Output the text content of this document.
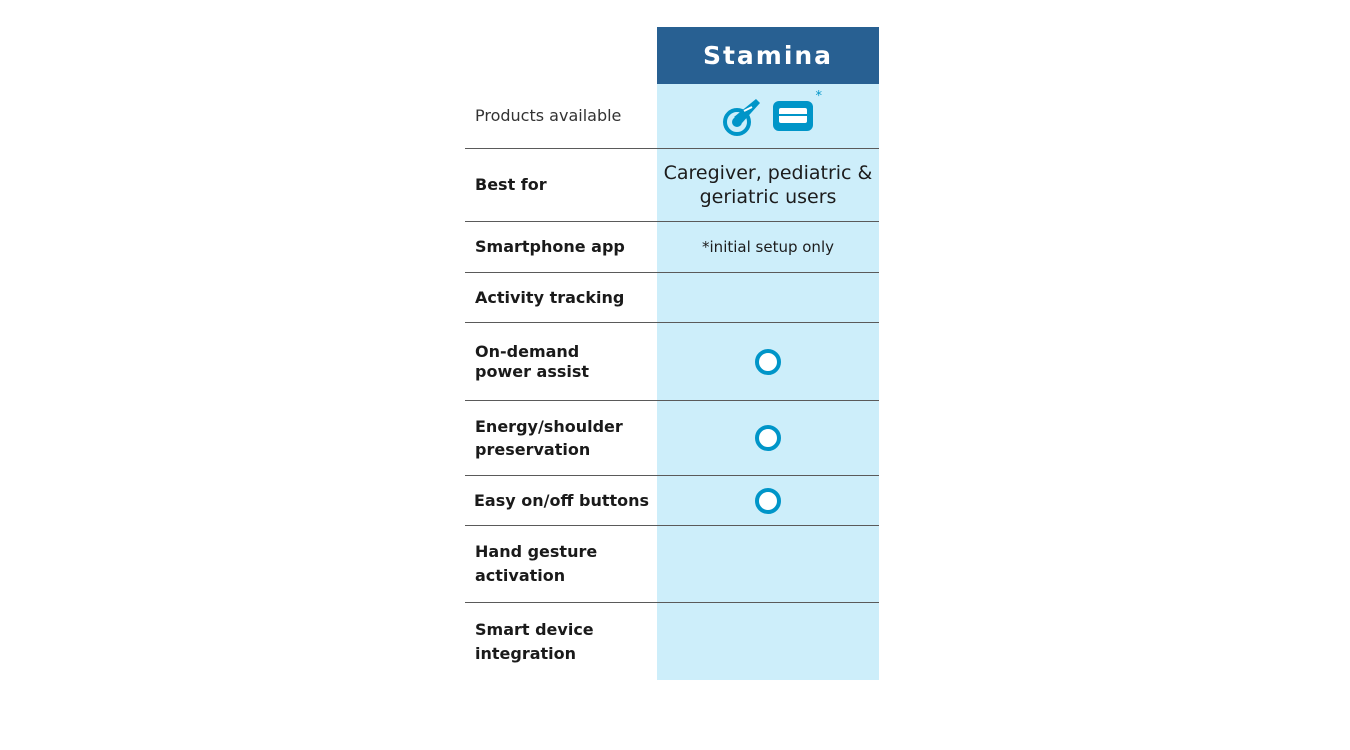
Stamina
Products available
*
Best for
Caregiver, pediatric &
geriatric users
Smartphone app	*initial setup only
Activity tracking
On-demand
power assist
Energy/shoulder
preservation
Easy on/off buttons
Hand gesture
activation
Smart device
integration
